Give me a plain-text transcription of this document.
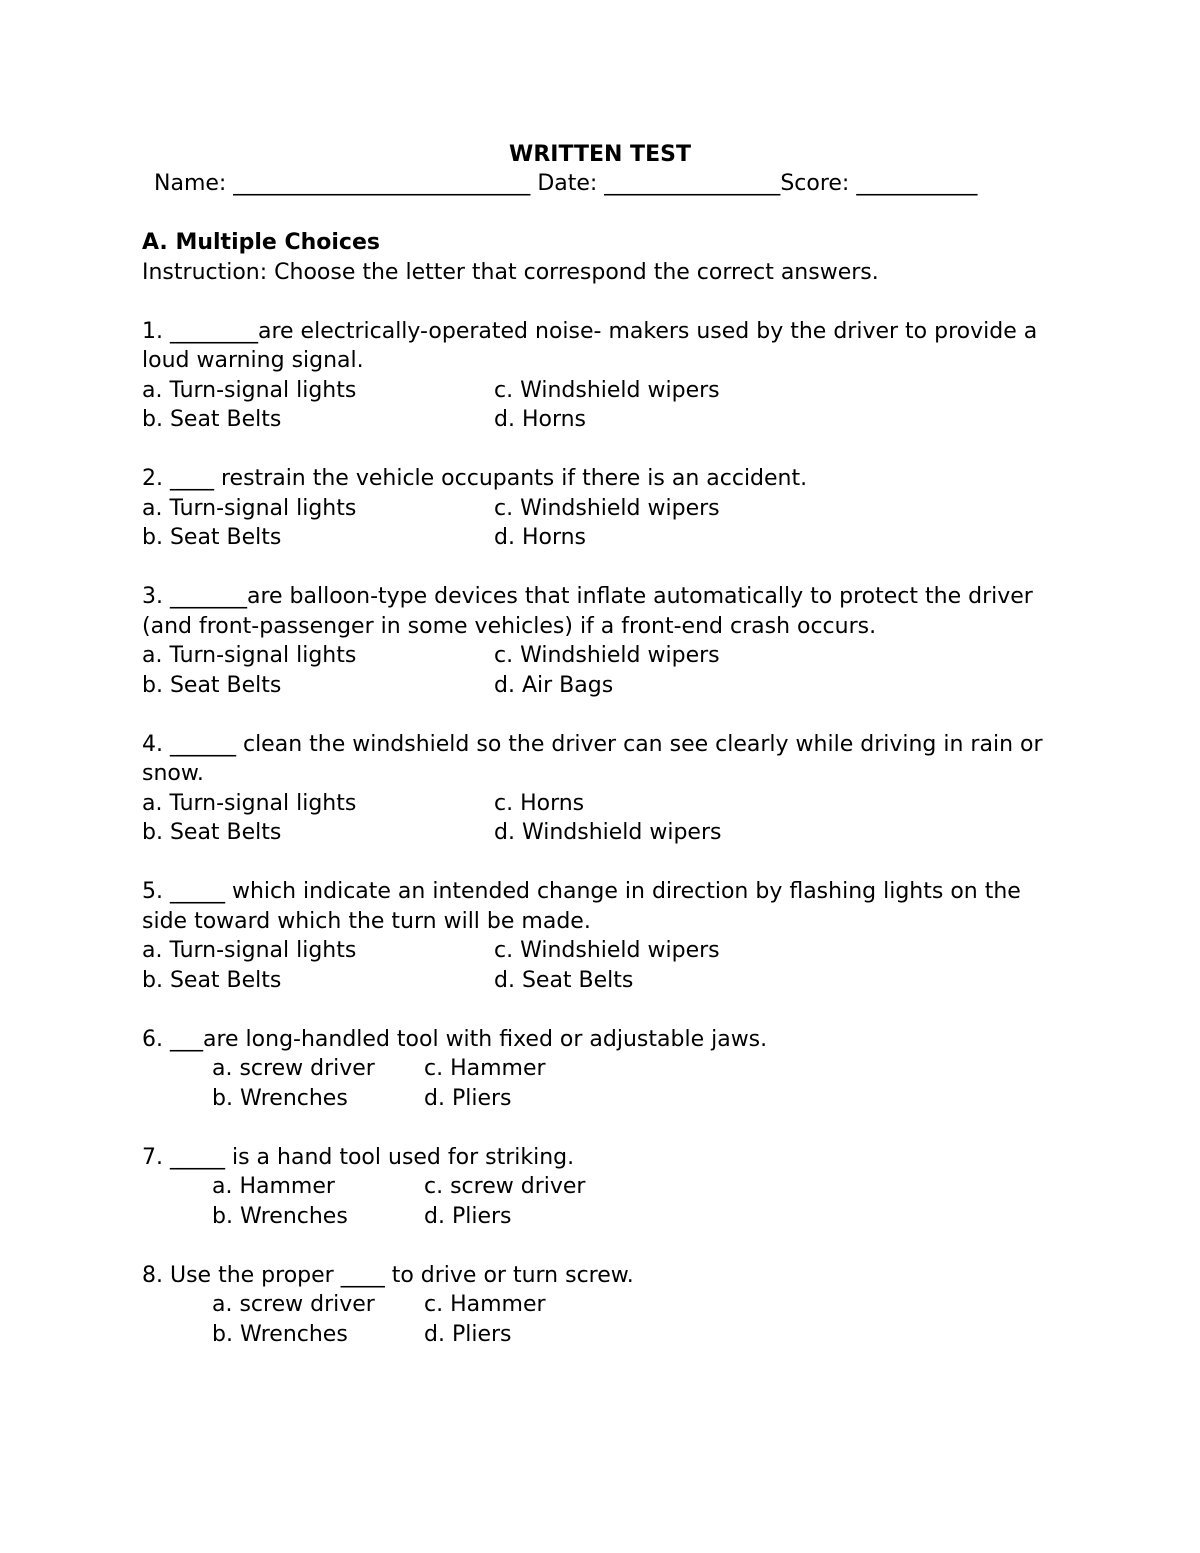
WRITTEN TEST
Name: ___________________________ Date: ________________Score: ___________
A. Multiple Choices
Instruction: Choose the letter that correspond the correct answers.
1. ________are electrically-operated noise- makers used by the driver to provide a loud warning signal.
a. Turn-signal lights	c. Windshield wipers
b. Seat Belts	d. Horns
2. ____ restrain the vehicle occupants if there is an accident.
a. Turn-signal lights	c. Windshield wipers
b. Seat Belts	d. Horns
3. _______are balloon-type devices that inflate automatically to protect the driver (and front-passenger in some vehicles) if a front-end crash occurs.
a. Turn-signal lights	c. Windshield wipers
b. Seat Belts	d. Air Bags
4. ______ clean the windshield so the driver can see clearly while driving in rain or snow.
a. Turn-signal lights	c. Horns
b. Seat Belts	d. Windshield wipers
5. _____ which indicate an intended change in direction by flashing lights on the side toward which the turn will be made.
a. Turn-signal lights	c. Windshield wipers
b. Seat Belts	d. Seat Belts
6. ___are long-handled tool with fixed or adjustable jaws.
a. screw driver	c. Hammer
b. Wrenches	d. Pliers
7. _____ is a hand tool used for striking.
a. Hammer	c. screw driver
b. Wrenches	d. Pliers
8. Use the proper ____ to drive or turn screw.
a. screw driver	c. Hammer
b. Wrenches	d. Pliers
